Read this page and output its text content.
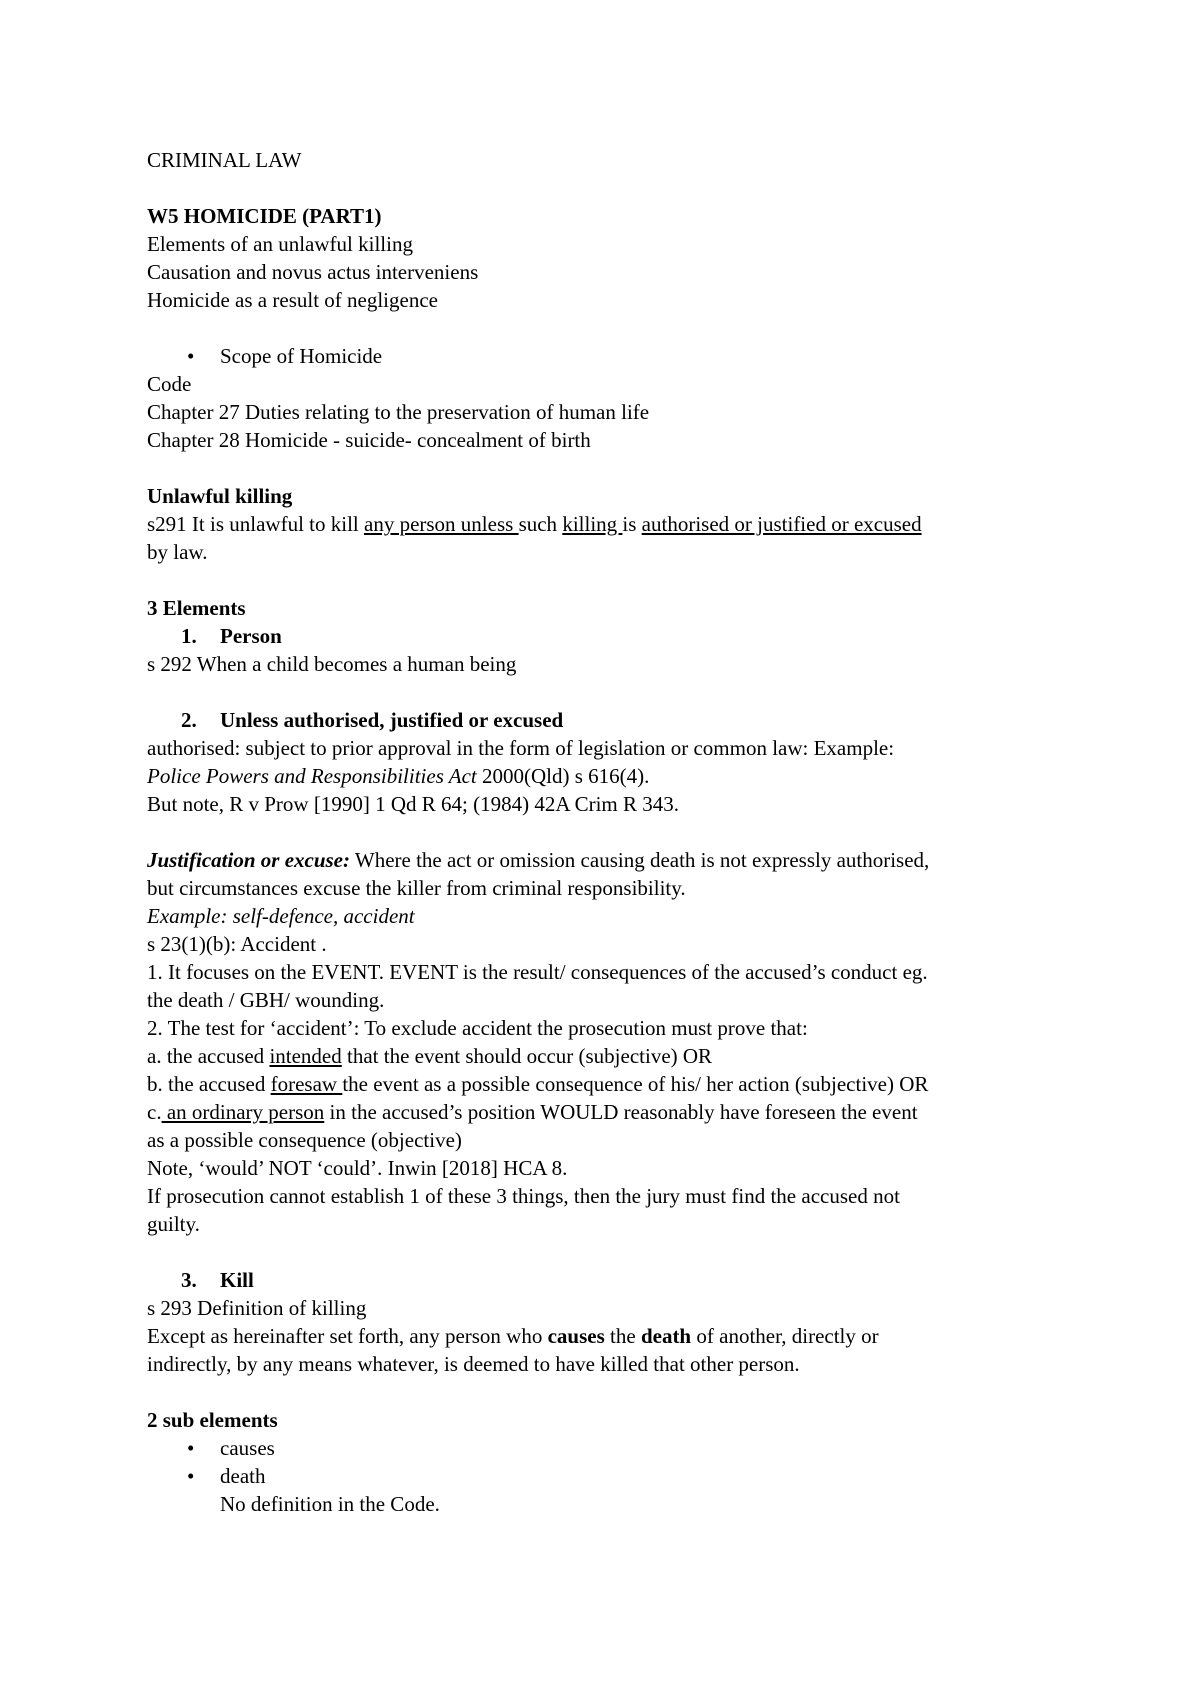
CRIMINAL LAW
W5 HOMICIDE (PART1)
Elements of an unlawful killing
Causation and novus actus interveniens
Homicide as a result of negligence
• Scope of Homicide
Code
Chapter 27 Duties relating to the preservation of human life
Chapter 28 Homicide - suicide- concealment of birth
Unlawful killing
s291 It is unlawful to kill any person unless such killing is authorised or justified or excused
by law.
3 Elements
1. Person
s 292 When a child becomes a human being
2. Unless authorised, justified or excused
authorised: subject to prior approval in the form of legislation or common law: Example:
Police Powers and Responsibilities Act 2000(Qld) s 616(4).
But note, R v Prow [1990] 1 Qd R 64; (1984) 42A Crim R 343.
Justification or excuse: Where the act or omission causing death is not expressly authorised,
but circumstances excuse the killer from criminal responsibility.
Example: self-defence, accident
s 23(1)(b): Accident .
1. It focuses on the EVENT. EVENT is the result/ consequences of the accused’s conduct eg.
the death / GBH/ wounding.
2. The test for ‘accident’: To exclude accident the prosecution must prove that:
a. the accused intended that the event should occur (subjective) OR
b. the accused foresaw the event as a possible consequence of his/ her action (subjective) OR
c. an ordinary person in the accused’s position WOULD reasonably have foreseen the event
as a possible consequence (objective)
Note, ‘would’ NOT ‘could’. Inwin [2018] HCA 8.
If prosecution cannot establish 1 of these 3 things, then the jury must find the accused not
guilty.
3. Kill
s 293 Definition of killing
Except as hereinafter set forth, any person who causes the death of another, directly or
indirectly, by any means whatever, is deemed to have killed that other person.
2 sub elements
• causes
• death
No definition in the Code.
